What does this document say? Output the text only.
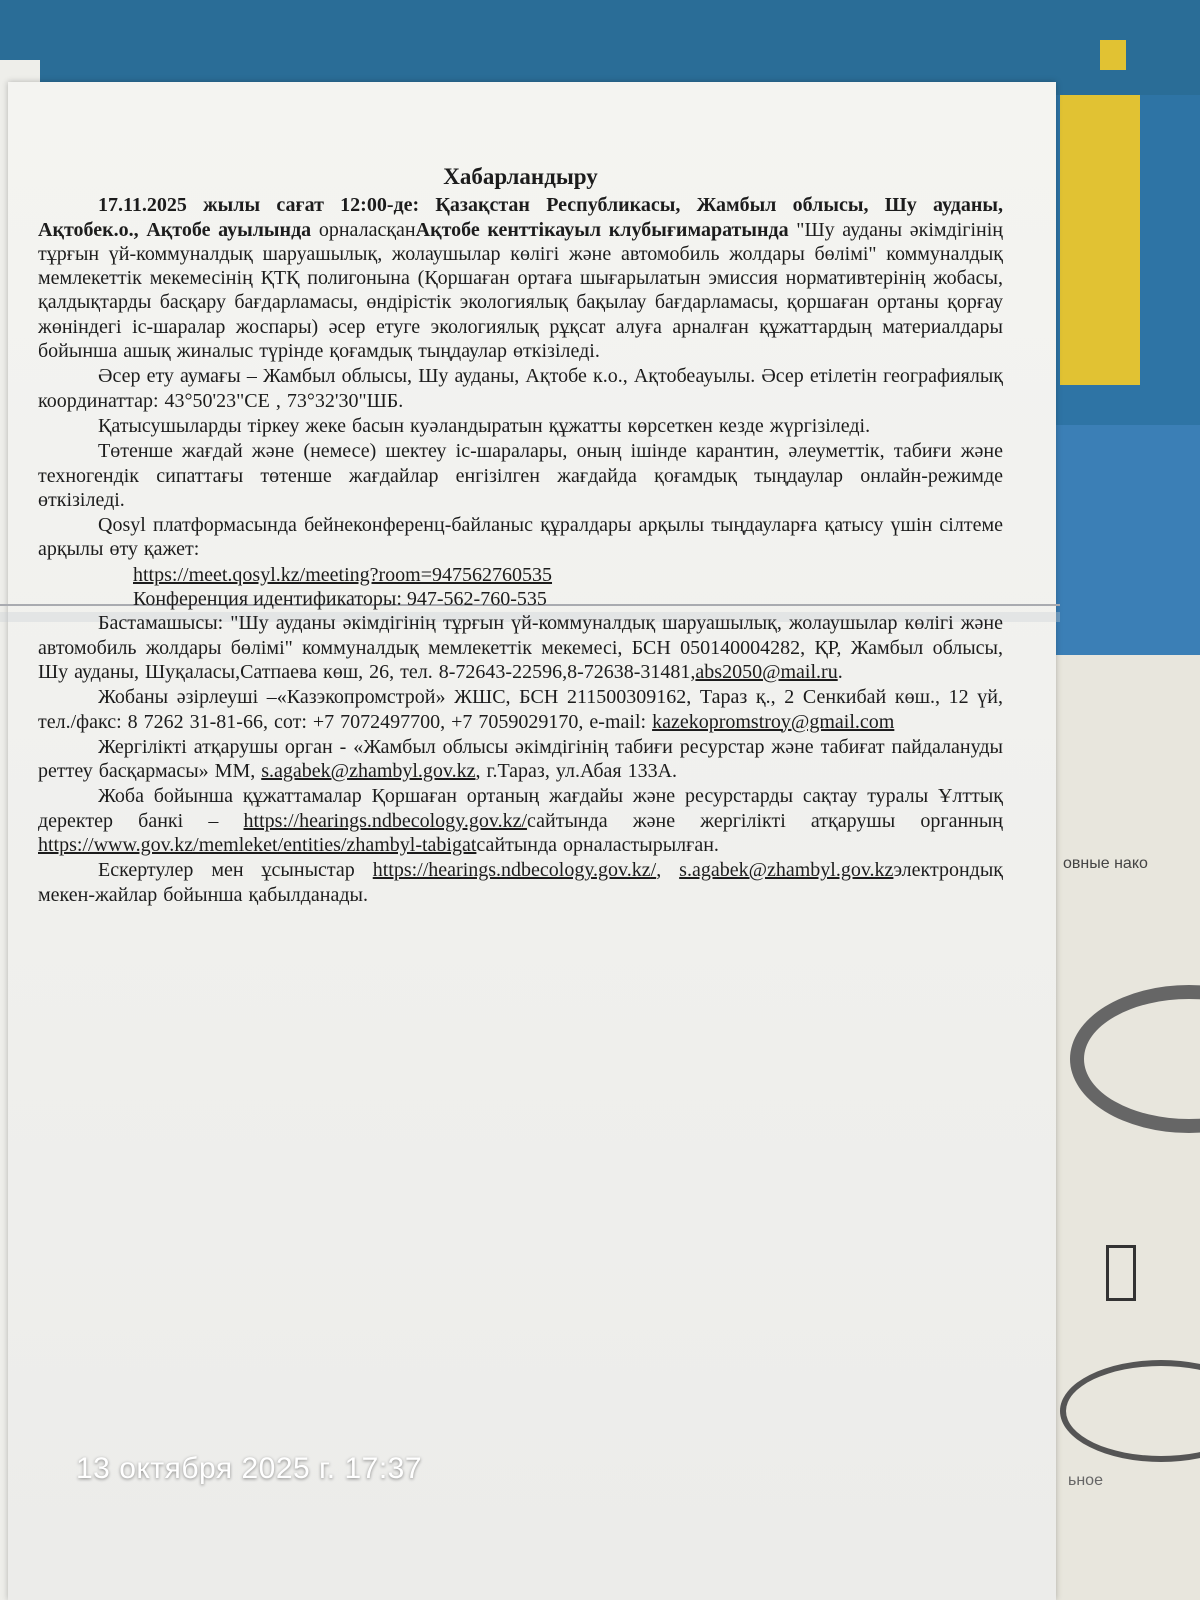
овные нако
ьное
Хабарландыру

17.11.2025 жылы сағат 12:00-де: Қазақстан Республикасы, Жамбыл облысы, Шу ауданы, Ақтобек.о., Ақтобе ауылында орналасқанАқтобе кенттікауыл клубығимаратында "Шу ауданы әкімдігінің тұрғын үй-коммуналдық шаруашылық, жолаушылар көлігі және автомобиль жолдары бөлімі" коммуналдық мемлекеттік мекемесінің ҚТҚ полигонына (Қоршаған ортаға шығарылатын эмиссия нормативтерінің жобасы, қалдықтарды басқару бағдарламасы, өндірістік экологиялық бақылау бағдарламасы, қоршаған ортаны қорғау жөніндегі іс-шаралар жоспары) әсер етуге экологиялық рұқсат алуға арналған құжаттардың материалдары бойынша ашық жиналыс түрінде қоғамдық тыңдаулар өткізіледі.

Әсер ету аумағы – Жамбыл облысы, Шу ауданы, Ақтобе к.о., Ақтобеауылы. Әсер етілетін географиялық координаттар: 43°50'23"СЕ , 73°32'30"ШБ.

Қатысушыларды тіркеу жеке басын куәландыратын құжатты көрсеткен кезде жүргізіледі.

Төтенше жағдай және (немесе) шектеу іс-шаралары, оның ішінде карантин, әлеуметтік, табиғи және техногендік сипаттағы төтенше жағдайлар енгізілген жағдайда қоғамдық тыңдаулар онлайн-режимде өткізіледі.

Qosyl платформасында бейнеконференц-байланыс құралдары арқылы тыңдауларға қатысу үшін сілтеме арқылы өту қажет:

https://meet.qosyl.kz/meeting?room=947562760535

Конференция идентификаторы: 947-562-760-535

Бастамашысы: "Шу ауданы әкімдігінің тұрғын үй-коммуналдық шаруашылық, жолаушылар көлігі және автомобиль жолдары бөлімі" коммуналдық мемлекеттік мекемесі, БСН 050140004282, ҚР, Жамбыл облысы, Шу ауданы, Шуқаласы,Сатпаева көш, 26, тел. 8-72643-22596,8-72638-31481,abs2050@mail.ru.

Жобаны әзірлеуші –«Казэкопромстрой» ЖШС, БСН 211500309162, Тараз қ., 2 Сенкибай көш., 12 үй, тел./факс: 8 7262 31-81-66, сот: +7 7072497700, +7 7059029170, e-mail: kazekopromstroy@gmail.com

Жергілікті атқарушы орган - «Жамбыл облысы әкімдігінің табиғи ресурстар және табиғат пайдалануды реттеу басқармасы» ММ, s.agabek@zhambyl.gov.kz, г.Тараз, ул.Абая 133А.

Жоба бойынша құжаттамалар Қоршаған ортаның жағдайы және ресурстарды сақтау туралы Ұлттық деректер банкі – https://hearings.ndbecology.gov.kz/сайтында және жергілікті атқарушы органның https://www.gov.kz/memleket/entities/zhambyl-tabigatсайтында орналастырылған.

Ескертулер мен ұсыныстар https://hearings.ndbecology.gov.kz/, s.agabek@zhambyl.gov.kzэлектрондық мекен-жайлар бойынша қабылданады.

13 октября 2025 г. 17:37
